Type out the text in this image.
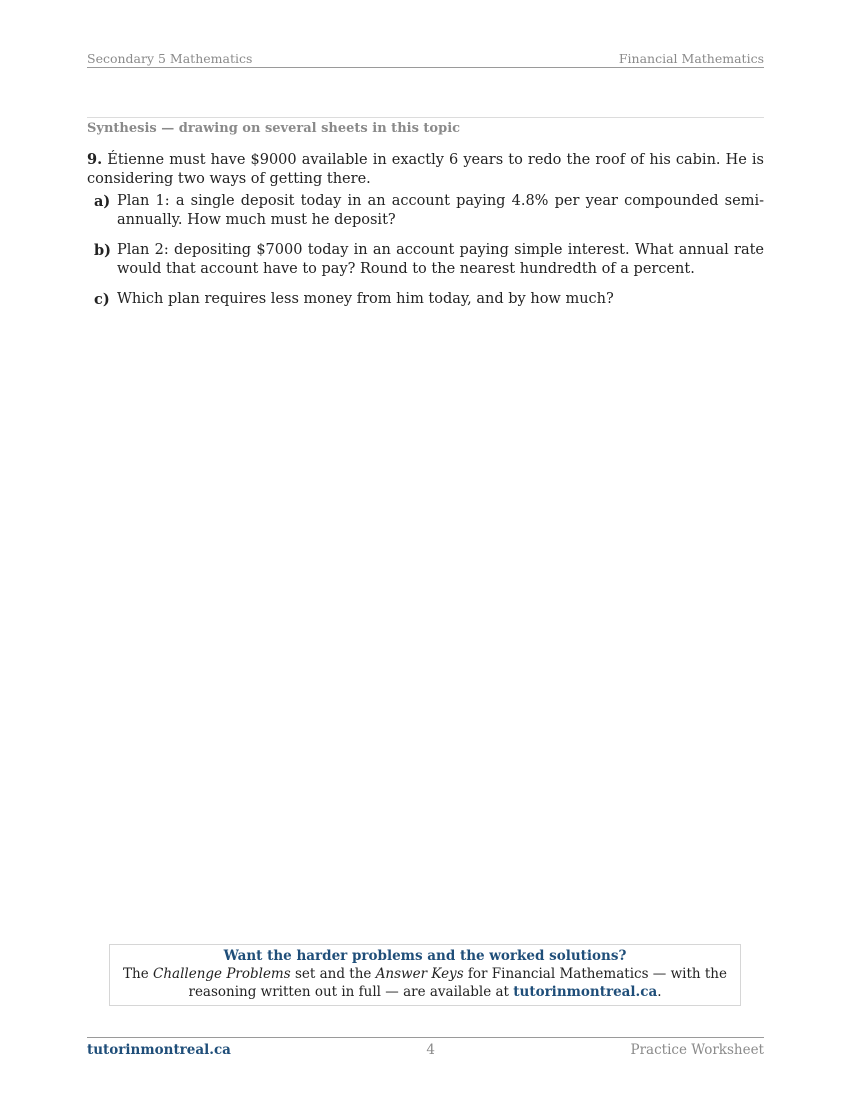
Secondary 5 Mathematics	Financial Mathematics
Synthesis — drawing on several sheets in this topic
9. Étienne must have $9000 available in exactly 6 years to redo the roof of his cabin. He is considering two ways of getting there.
a) Plan 1: a single deposit today in an account paying 4.8% per year compounded semi-annually. How much must he deposit?
b) Plan 2: depositing $7000 today in an account paying simple interest. What annual rate would that account have to pay? Round to the nearest hundredth of a percent.
c) Which plan requires less money from him today, and by how much?
Want the harder problems and the worked solutions?
The Challenge Problems set and the Answer Keys for Financial Mathematics — with the reasoning written out in full — are available at tutorinmontreal.ca.
tutorinmontreal.ca	4	Practice Worksheet
